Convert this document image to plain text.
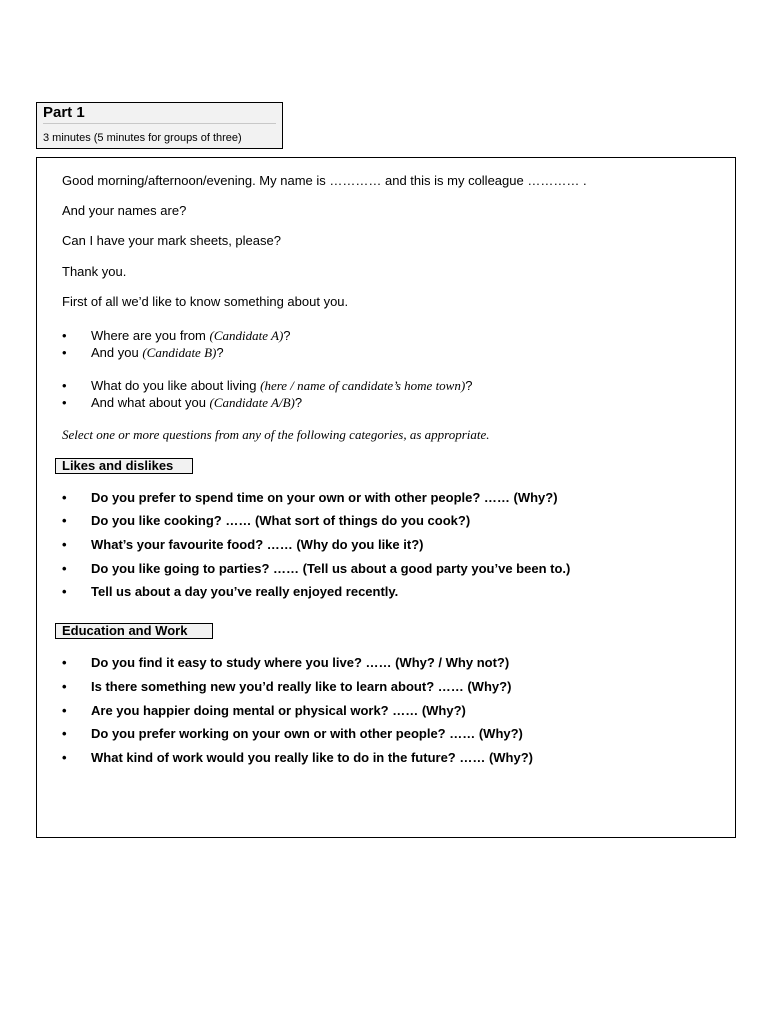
Part 1
3 minutes (5 minutes for groups of three)
Good morning/afternoon/evening. My name is ………… and this is my colleague ………… .
And your names are?
Can I have your mark sheets, please?
Thank you.
First of all we’d like to know something about you.
•	Where are you from (Candidate A)?
•	And you (Candidate B)?
•	What do you like about living (here / name of candidate’s home town)?
•	And what about you (Candidate A/B)?
Select one or more questions from any of the following categories, as appropriate.
Likes and dislikes
•	Do you prefer to spend time on your own or with other people? …… (Why?)
•	Do you like cooking? …… (What sort of things do you cook?)
•	What’s your favourite food? …… (Why do you like it?)
•	Do you like going to parties? …… (Tell us about a good party you’ve been to.)
•	Tell us about a day you’ve really enjoyed recently.
Education and Work
•	Do you find it easy to study where you live? …… (Why? / Why not?)
•	Is there something new you’d really like to learn about? …… (Why?)
•	Are you happier doing mental or physical work? …… (Why?)
•	Do you prefer working on your own or with other people? …… (Why?)
•	What kind of work would you really like to do in the future? …… (Why?)
